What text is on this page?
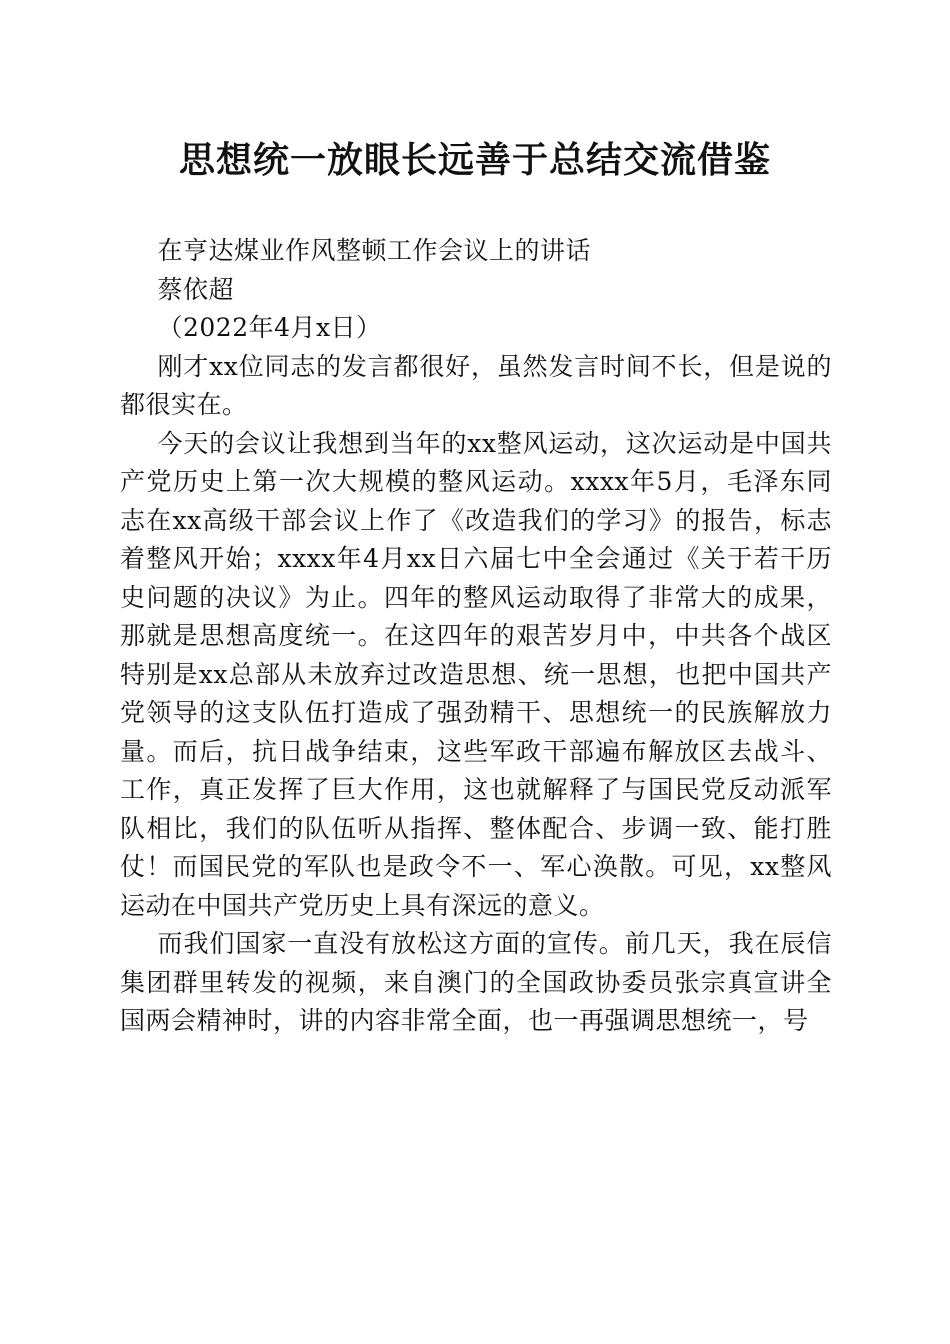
思想统一放眼长远善于总结交流借鉴

在亨达煤业作风整顿工作会议上的讲话

蔡依超

（2022年4月x日）

刚才xx位同志的发言都很好，虽然发言时间不长，但是说的都很实在。

今天的会议让我想到当年的xx整风运动，这次运动是中国共产党历史上第一次大规模的整风运动。xxxx年5月，毛泽东同志在xx高级干部会议上作了《改造我们的学习》的报告，标志着整风开始；xxxx年4月xx日六届七中全会通过《关于若干历史问题的决议》为止。四年的整风运动取得了非常大的成果，那就是思想高度统一。在这四年的艰苦岁月中，中共各个战区特别是xx总部从未放弃过改造思想、统一思想，也把中国共产党领导的这支队伍打造成了强劲精干、思想统一的民族解放力量。而后，抗日战争结束，这些军政干部遍布解放区去战斗、工作，真正发挥了巨大作用，这也就解释了与国民党反动派军队相比，我们的队伍听从指挥、整体配合、步调一致、能打胜仗！而国民党的军队也是政令不一、军心涣散。可见，xx整风运动在中国共产党历史上具有深远的意义。

而我们国家一直没有放松这方面的宣传。前几天，我在辰信集团群里转发的视频，来自澳门的全国政协委员张宗真宣讲全国两会精神时，讲的内容非常全面，也一再强调思想统一，号
